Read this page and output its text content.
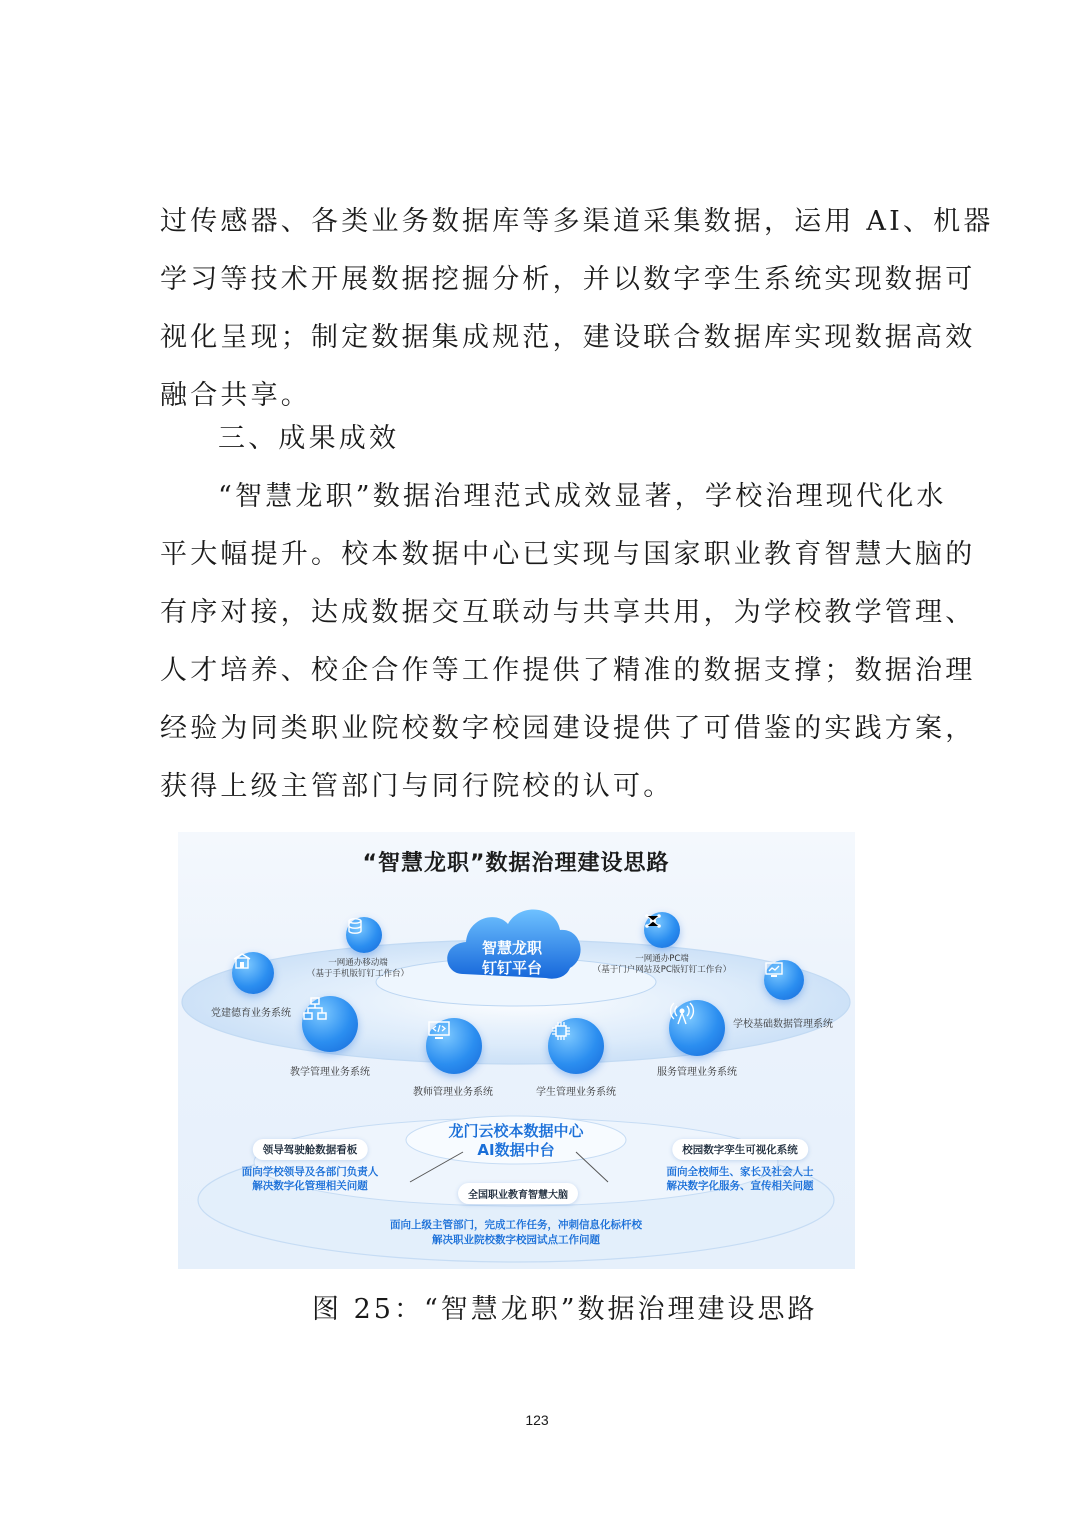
过传感器、各类业务数据库等多渠道采集数据，运用 AI、机器
学习等技术开展数据挖掘分析，并以数字孪生系统实现数据可
视化呈现；制定数据集成规范，建设联合数据库实现数据高效
融合共享。
三、成果成效
“智慧龙职”数据治理范式成效显著，学校治理现代化水
平大幅提升。校本数据中心已实现与国家职业教育智慧大脑的
有序对接，达成数据交互联动与共享共用，为学校教学管理、
人才培养、校企合作等工作提供了精准的数据支撑；数据治理
经验为同类职业院校数字校园建设提供了可借鉴的实践方案，
获得上级主管部门与同行院校的认可。
“智慧龙职”数据治理建设思路
智慧龙职
钉钉平台
一网通办移动端
（基于手机版钉钉工作台）
一网通办PC端
（基于门户网站及PC版钉钉工作台）
党建德育业务系统
学校基础数据管理系统
教学管理业务系统	服务管理业务系统
教师管理业务系统	学生管理业务系统
龙门云校本数据中心
AI数据中台
领导驾驶舱数据看板
面向学校领导及各部门负责人
解决数字化管理相关问题
校园数字孪生可视化系统
面向全校师生、家长及社会人士
解决数字化服务、宣传相关问题
全国职业教育智慧大脑
面向上级主管部门，完成工作任务，冲刺信息化标杆校
解决职业院校数字校园试点工作问题
图 25：“智慧龙职”数据治理建设思路
123
